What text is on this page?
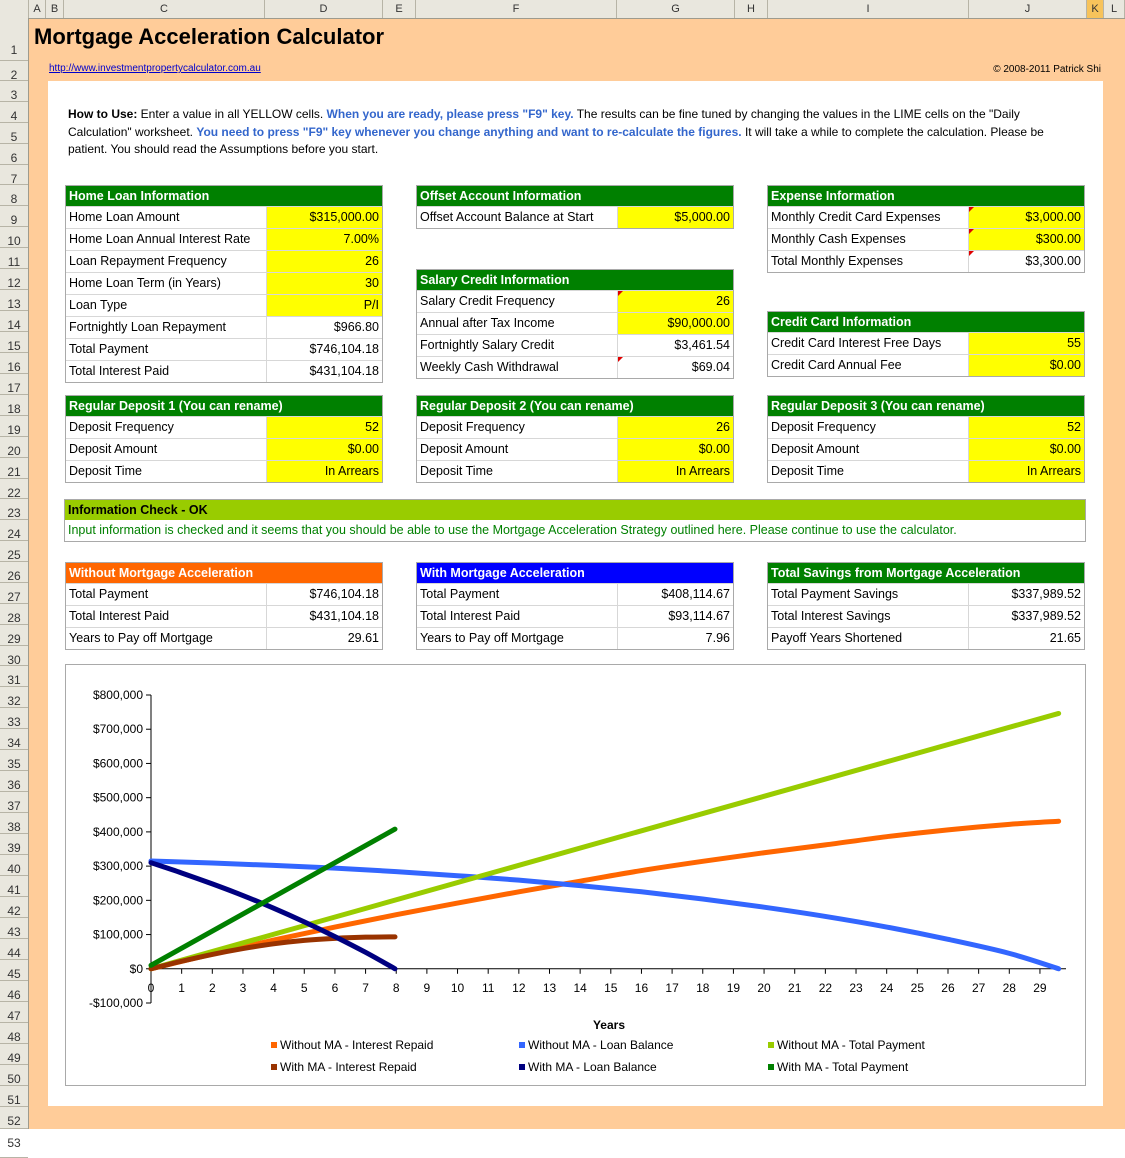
A B	C	D	E	F	G	H	I	J	K	L
1
2
3
4
5
6
7
8
9
10
11
12
13
14
15
16
17
18
19
20
21
22
23
24
25
26
27
28
29
30
31
32
33
34
35
36
37
38
39
40
41
42
43
44
45
46
47
48
49
50
51
52
53
Mortgage Acceleration Calculator
http://www.investmentpropertycalculator.com.au	© 2008-2011 Patrick Shi
How to Use: Enter a value in all YELLOW cells. When you are ready, please press "F9" key. The results can be fine tuned by changing the values in the LIME cells on the "Daily Calculation" worksheet. You need to press "F9" key whenever you change anything and want to re-calculate the figures. It will take a while to complete the calculation. Please be patient. You should read the Assumptions before you start.
Home Loan Information
Home Loan Amount	$315,000.00
Home Loan Annual Interest Rate	7.00%
Loan Repayment Frequency	26
Home Loan Term (in Years)	30
Loan Type	P/I
Fortnightly Loan Repayment	$966.80
Total Payment	$746,104.18
Total Interest Paid	$431,104.18
Offset Account Information
Offset Account Balance at Start	$5,000.00
Salary Credit Information
Salary Credit Frequency	26
Annual after Tax Income	$90,000.00
Fortnightly Salary Credit	$3,461.54
Weekly Cash Withdrawal	$69.04
Expense Information
Monthly Credit Card Expenses	$3,000.00
Monthly Cash Expenses	$300.00
Total Monthly Expenses	$3,300.00
Credit Card Information
Credit Card Interest Free Days	55
Credit Card Annual Fee	$0.00
Regular Deposit 1 (You can rename)
Deposit Frequency	52
Deposit Amount	$0.00
Deposit Time	In Arrears
Regular Deposit 2 (You can rename)
Deposit Frequency	26
Deposit Amount	$0.00
Deposit Time	In Arrears
Regular Deposit 3 (You can rename)
Deposit Frequency	52
Deposit Amount	$0.00
Deposit Time	In Arrears
Information Check - OK
Input information is checked and it seems that you should be able to use the Mortgage Acceleration Strategy outlined here. Please continue to use the calculator.
Without Mortgage Acceleration
Total Payment	$746,104.18
Total Interest Paid	$431,104.18
Years to Pay off Mortgage	29.61
With Mortgage Acceleration
Total Payment	$408,114.67
Total Interest Paid	$93,114.67
Years to Pay off Mortgage	7.96
Total Savings from Mortgage Acceleration
Total Payment Savings	$337,989.52
Total Interest Savings	$337,989.52
Payoff Years Shortened	21.65
-$100,000
$0
$100,000
$200,000
$300,000
$400,000
$500,000
$600,000
$700,000
$800,000
0 1 2 3 4 5 6 7 8 9 10 11 12 13 14 15 16 17 18 19 20 21 22 23 24 25 26 27 28 29
Years
Without MA - Interest Repaid	Without MA - Loan Balance	Without MA - Total Payment
With MA - Interest Repaid	With MA - Loan Balance	With MA - Total Payment
